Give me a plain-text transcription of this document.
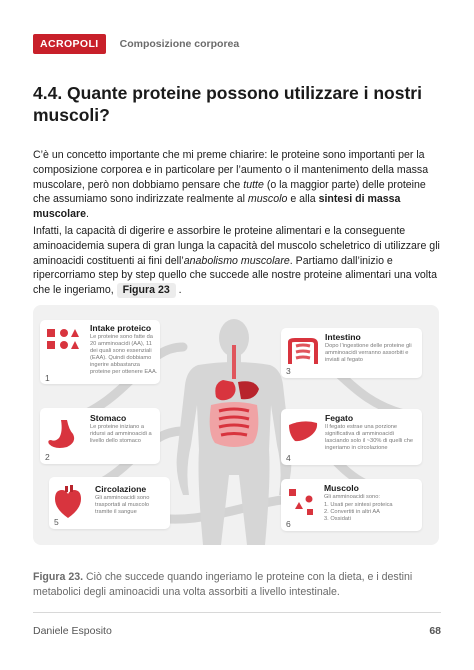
ACROPOLI	Composizione corporea
4.4. Quante proteine possono utilizzare i nostri muscoli?

C’è un concetto importante che mi preme chiarire: le proteine sono importanti per la composizione corporea e in particolare per l’aumento o il mantenimento della massa muscolare, però non dobbiamo pensare che tutte (o la maggior parte) delle proteine che assumiamo sono indirizzate realmente al muscolo e alla sintesi di massa muscolare.

Infatti, la capacità di digerire e assorbire le proteine alimentari e la conseguente aminoacidemia supera di gran lunga la capacità del muscolo scheletrico di utilizzare gli aminoacidi costituenti ai fini dell’anabolismo muscolare. Partiamo dall’inizio e ripercorriamo step by step quello che succede alle nostre proteine alimentari una volta che le ingeriamo, Figura 23 .

Intake proteico
Le proteine sono fatte da 20 amminoacidi (AA), 11 dei quali sono essenziali (EAA). Quindi dobbiamo ingerire abbastanza proteine per ottenere EAA.
1
Stomaco
Le proteine iniziano a ridursi ad amminoacidi a livello dello stomaco
2
Circolazione
Gli amminoacidi sono trasportati al muscolo tramite il sangue
5
Intestino
Dopo l’ingestione delle proteine gli amminoacidi verranno assorbiti e inviati al fegato
3
Fegato
Il fegato estrae una porzione significativa di amminoacidi lasciando solo il ~30% di quelli che ingeriamo in circolazione
4
Muscolo
Gli amminoacidi sono:
1. Usati per sintesi proteica
2. Convertiti in altri AA
3. Ossidati
6

Figura 23. Ciò che succede quando ingeriamo le proteine con la dieta, e i destini metabolici degli aminoacidi una volta assorbiti a livello intestinale.

Daniele Esposito	68
